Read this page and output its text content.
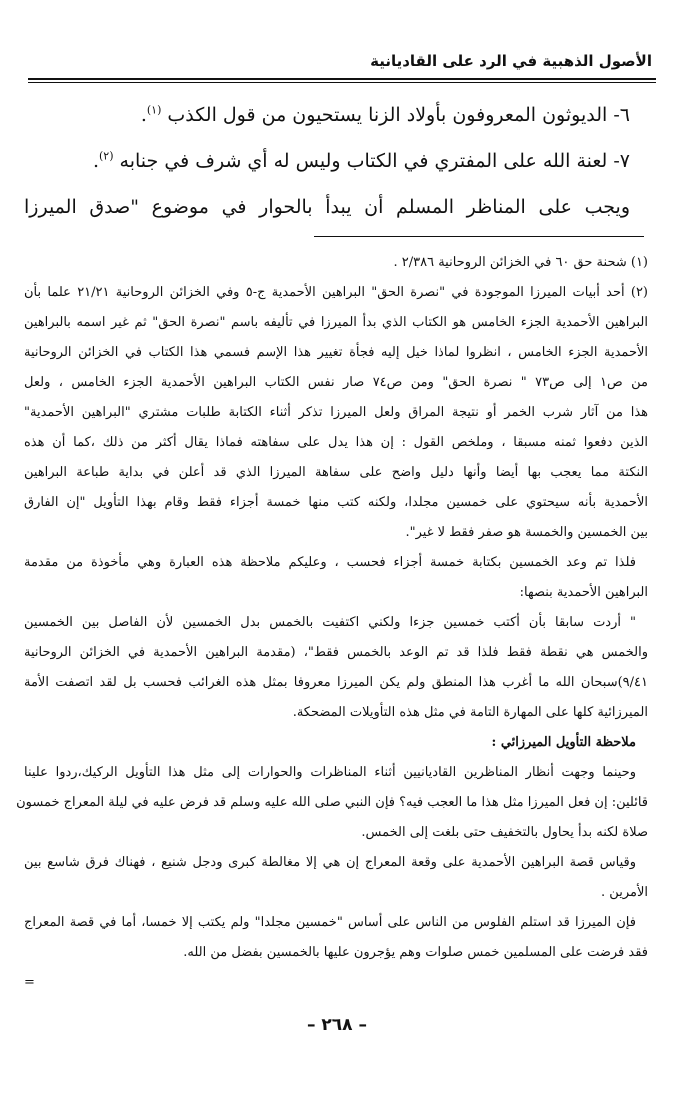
الأصول الذهبية في الرد على القاديانية
٦- الديوثون المعروفون بأولاد الزنا يستحيون من قول الكذب $^{(١)}$.
٧- لعنة الله على المفتري في الكتاب وليس له أي شرف في جنابه $^{(٢)}$.
ويجب على المناظر المسلم أن يبدأ بالحوار في موضوع "صدق الميرزا
(١) شحنة حق ٦٠ في الخزائن الروحانية ٢/٣٨٦ .
(٢) أحد أبيات الميرزا الموجودة في "نصرة الحق" البراهين الأحمدية ج-٥ وفي الخزائن الروحانية ٢١/٢١ علما بأن
البراهين الأحمدية الجزء الخامس هو الكتاب الذي بدأ الميرزا في تأليفه باسم "نصرة الحق" ثم غير اسمه بالبراهين
الأحمدية الجزء الخامس ، انظروا لماذا خيل إليه فجأة تغيير هذا الإسم فسمي هذا الكتاب في الخزائن الروحانية
من ص١ إلى ص٧٣ " نصرة الحق" ومن ص٧٤ صار نفس الكتاب البراهين الأحمدية الجزء الخامس ، ولعل
هذا من آثار شرب الخمر أو نتيجة المراق ولعل الميرزا تذكر أثناء الكتابة طلبات مشتري "البراهين الأحمدية"
الذين دفعوا ثمنه مسبقا ، وملخص القول : إن هذا يدل على سفاهته فماذا يقال أكثر من ذلك ،كما أن هذه
النكتة مما يعجب بها أيضا وأنها دليل واضح على سفاهة الميرزا الذي قد أعلن في بداية طباعة البراهين
الأحمدية بأنه سيحتوي على خمسين مجلدا، ولكنه كتب منها خمسة أجزاء فقط وقام بهذا التأويل "إن الفارق
بين الخمسين والخمسة هو صفر فقط لا غير".
فلذا تم وعد الخمسين بكتابة خمسة أجزاء فحسب ، وعليكم ملاحظة هذه العبارة وهي مأخوذة من مقدمة
البراهين الأحمدية بنصها:
" أردت سابقا بأن أكتب خمسين جزءا ولكني اكتفيت بالخمس بدل الخمسين لأن الفاصل بين الخمسين
والخمس هي نقطة فقط فلذا قد تم الوعد بالخمس فقط"، (مقدمة البراهين الأحمدية في الخزائن الروحانية
٩/٤١)سبحان الله ما أغرب هذا المنطق ولم يكن الميرزا معروفا بمثل هذه الغرائب فحسب بل لقد اتصفت الأمة
الميرزائية كلها على المهارة التامة في مثل هذه التأويلات المضحكة.
ملاحظة التأويل الميرزائي :
وحينما وجهت أنظار المناظرين القاديانيين أثناء المناظرات والحوارات إلى مثل هذا التأويل الركيك،ردوا علينا
قائلين: إن فعل الميرزا مثل هذا ما العجب فيه؟ فإن النبي صلى الله عليه وسلم قد فرض عليه في ليلة المعراج خمسون
صلاة لكنه بدأ يحاول بالتخفيف حتى بلغت إلى الخمس.
وقياس قصة البراهين الأحمدية على وقعة المعراج إن هي إلا مغالطة كبرى ودجل شنيع ، فهناك فرق شاسع بين
الأمرين .
فإن الميرزا قد استلم الفلوس من الناس على أساس "خمسين مجلدا" ولم يكتب إلا خمسا، أما في قصة المعراج
فقد فرضت على المسلمين خمس صلوات وهم يؤجرون عليها بالخمسين بفضل من الله.
=
– ٢٦٨ –
